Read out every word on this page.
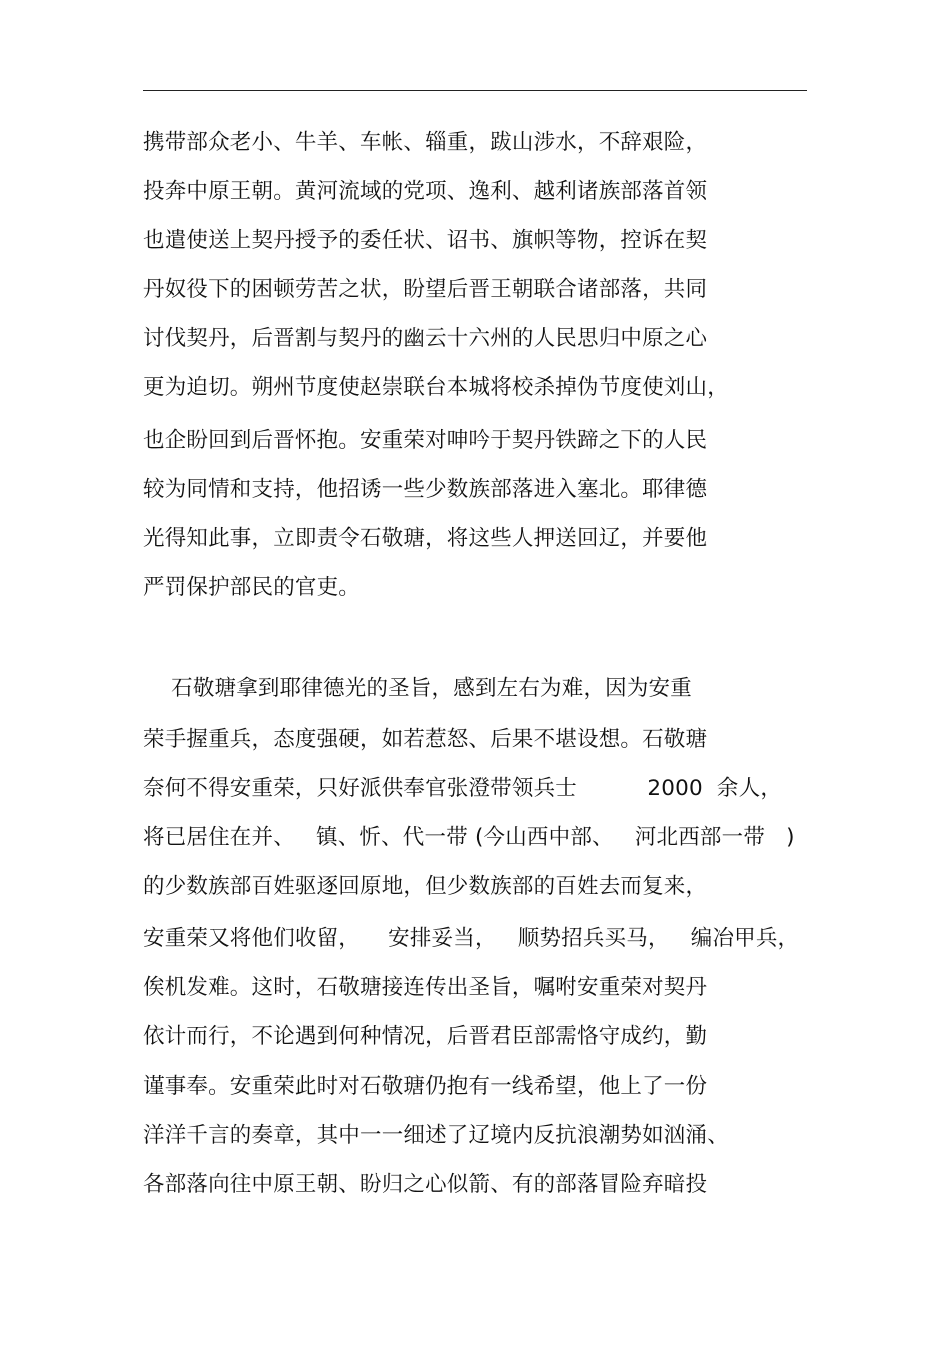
携带部众老小、牛羊、车帐、辎重，跋山涉水，不辞艰险，
投奔中原王朝。黄河流域的党项、逸利、越利诸族部落首领
也遣使送上契丹授予的委任状、诏书、旗帜等物，控诉在契
丹奴役下的困顿劳苦之状，盼望后晋王朝联合诸部落，共同
讨伐契丹，后晋割与契丹的幽云十六州的人民思归中原之心
更为迫切。朔州节度使赵崇联台本城将校杀掉伪节度使刘山，
也企盼回到后晋怀抱。安重荣对呻吟于契丹铁蹄之下的人民
较为同情和支持，他招诱一些少数族部落进入塞北。耶律德
光得知此事，立即责令石敬瑭，将这些人押送回辽，并要他
严罚保护部民的官吏。
石敬瑭拿到耶律德光的圣旨，感到左右为难，因为安重
荣手握重兵，态度强硬，如若惹怒、后果不堪设想。石敬瑭
奈何不得安重荣，只好派供奉官张澄带领兵士          2000  余人，
将已居住在并、   镇、忻、代一带 (今山西中部、   河北西部一带   )
的少数族部百姓驱逐回原地，但少数族部的百姓去而复来，
安重荣又将他们收留，    安排妥当，   顺势招兵买马，   编冶甲兵，
俟机发难。这时，石敬瑭接连传出圣旨，嘱咐安重荣对契丹
依计而行，不论遇到何种情况，后晋君臣部需恪守成约，勤
谨事奉。安重荣此时对石敬瑭仍抱有一线希望，他上了一份
洋洋千言的奏章，其中一一细述了辽境内反抗浪潮势如汹涌、
各部落向往中原王朝、盼归之心似箭、有的部落冒险弃暗投
